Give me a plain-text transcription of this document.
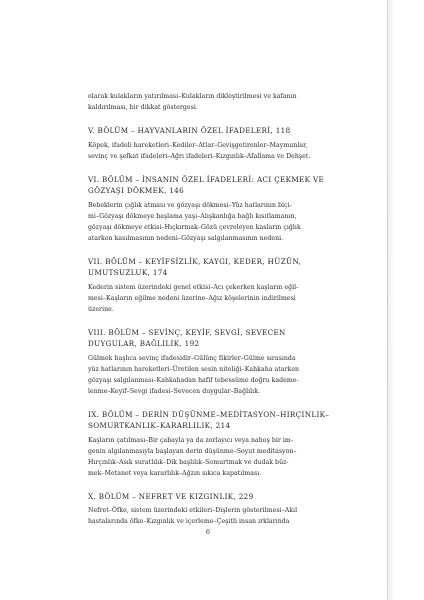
olarak kulakların yatırılması–Kulakların dikleştirilmesi ve kafanın
kaldırılması, bir dikkat göstergesi.

V. BÖLÜM – HAYVANLARIN ÖZEL İFADELERİ, 118

Köpek, ifadeli hareketleri–Kediler–Atlar–Gevişgetirenler–Maymunlar,
sevinç ve şefkat ifadeleri–Ağrı ifadeleri–Kızgınlık–Afallama ve Dehşet.

VI. BÖLÜM – İNSANIN ÖZEL İFADELERİ: ACI ÇEKMEK VE GÖZYAŞI DÖKMEK, 146

Bebeklerin çığlık atması ve gözyaşı dökmesi–Yüz hatlarının biçi-
mi–Gözyaşı dökmeye başlama yaşı–Alışkanlığa bağlı kısıtlamanın,
gözyaşı dökmeye etkisi–Hıçkırmak–Gözü çevreleyen kasların çığlık
atarken kasılmasının nedeni–Gözyaşı salgılanmasının nedeni.

VII. BÖLÜM – KEYİFSİZLİK, KAYGI, KEDER, HÜZÜN, UMUTSUZLUK, 174

Kederin sistem üzerindeki genel etkisi–Acı çekerken kaşların eğil-
mesi–Kaşların eğilme nedeni üzerine–Ağız köşelerinin indirilmesi
üzerine.

VIII. BÖLÜM – SEVİNÇ, KEYİF, SEVGİ, SEVECEN DUYGULAR, BAĞLILIK, 192

Gülmek başlıca sevinç ifadesidir–Gülünç fikirler–Gülme sırasında
yüz hatlarının hareketleri–Üretilen sesin niteliği–Kahkaha atarken
gözyaşı salgılanması–Kahkahadan hafif tebessüme doğru kademe-
lenme–Keyif–Sevgi ifadesi–Sevecen duygular–Bağlılık.

IX. BÖLÜM – DERİN DÜŞÜNME–MEDİTASYON–HIRÇINLIK–SOMURTKANLIK–KARARLILIK, 214

Kaşların çatılması–Bir çabayla ya da zorlayıcı veya nahoş bir im-
genin algılanmasıyla başlayan derin düşünme–Soyut meditasyon–
Hırçınlık–Asık suratlılık–Dik başlılık–Somurtmak ve dudak büz-
mek–Metanet veya kararlılık–Ağzın sıkıca kapatılması.

X. BÖLÜM – NEFRET VE KIZGINLIK, 229

Nefret–Öfke, sistem üzerindeki etkileri–Dişlerin gösterilmesi–Akıl
hastalarında öfke–Kızgınlık ve içerleme–Çeşitli insan ırklarında

6
